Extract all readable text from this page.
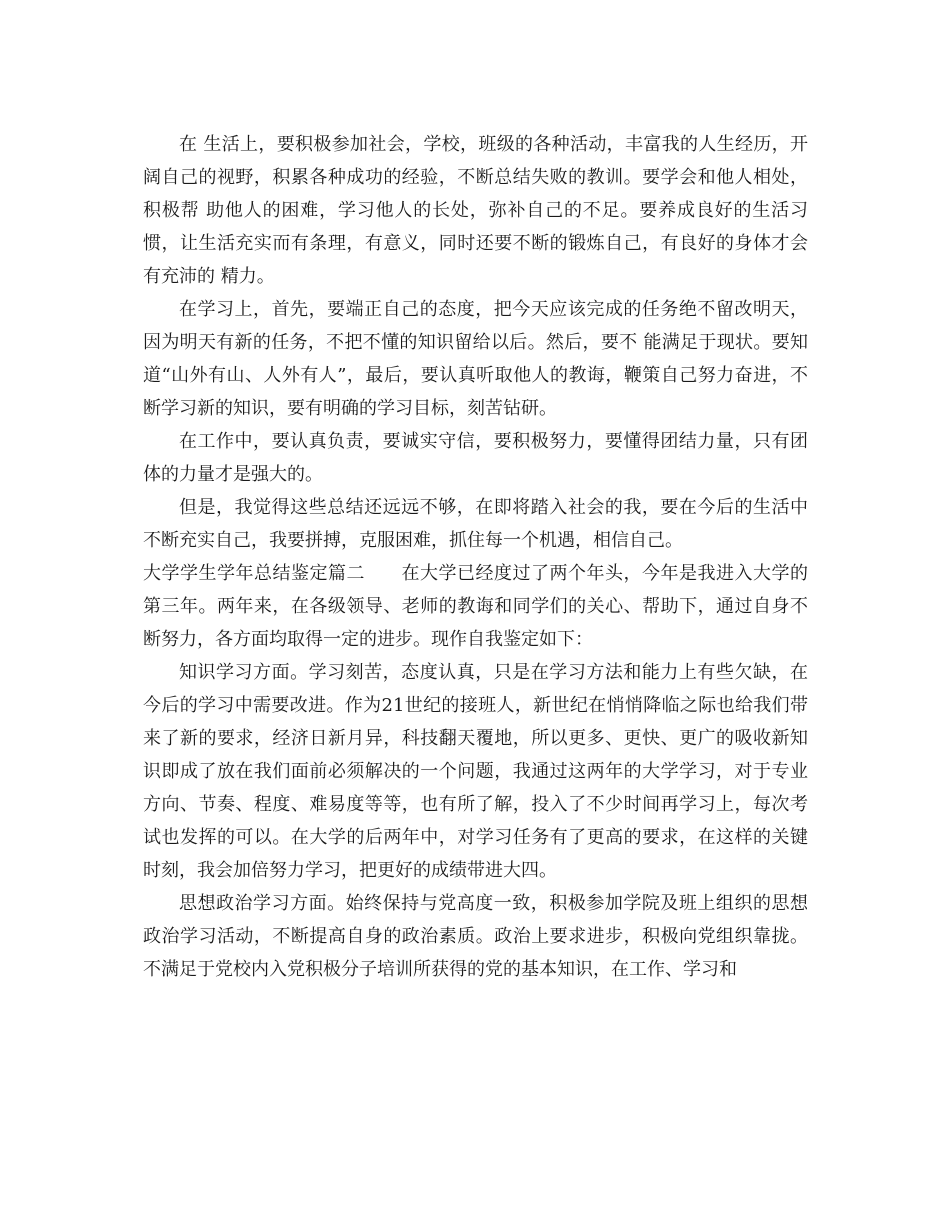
在 生活上，要积极参加社会，学校，班级的各种活动，丰富我的人生经历，开阔自己的视野，积累各种成功的经验，不断总结失败的教训。要学会和他人相处，积极帮 助他人的困难，学习他人的长处，弥补自己的不足。要养成良好的生活习惯，让生活充实而有条理，有意义，同时还要不断的锻炼自己，有良好的身体才会有充沛的 精力。

在学习上，首先，要端正自己的态度，把今天应该完成的任务绝不留改明天，因为明天有新的任务，不把不懂的知识留给以后。然后，要不 能满足于现状。要知道“山外有山、人外有人”，最后，要认真听取他人的教诲，鞭策自己努力奋进，不断学习新的知识，要有明确的学习目标，刻苦钻研。

在工作中，要认真负责，要诚实守信，要积极努力，要懂得团结力量，只有团体的力量才是强大的。

但是，我觉得这些总结还远远不够，在即将踏入社会的我，要在今后的生活中不断充实自己，我要拼搏，克服困难，抓住每一个机遇，相信自己。

大学学生学年总结鉴定篇二 在大学已经度过了两个年头，今年是我进入大学的第三年。两年来，在各级领导、老师的教诲和同学们的关心、帮助下，通过自身不断努力，各方面均取得一定的进步。现作自我鉴定如下：

知识学习方面。学习刻苦，态度认真，只是在学习方法和能力上有些欠缺，在今后的学习中需要改进。作为21世纪的接班人，新世纪在悄悄降临之际也给我们带来了新的要求，经济日新月异，科技翻天覆地，所以更多、更快、更广的吸收新知识即成了放在我们面前必须解决的一个问题，我通过这两年的大学学习，对于专业方向、节奏、程度、难易度等等，也有所了解，投入了不少时间再学习上，每次考试也发挥的可以。在大学的后两年中，对学习任务有了更高的要求，在这样的关键时刻，我会加倍努力学习，把更好的成绩带进大四。

思想政治学习方面。始终保持与党高度一致，积极参加学院及班上组织的思想政治学习活动，不断提高自身的政治素质。政治上要求进步，积极向党组织靠拢。不满足于党校内入党积极分子培训所获得的党的基本知识，在工作、学习和
